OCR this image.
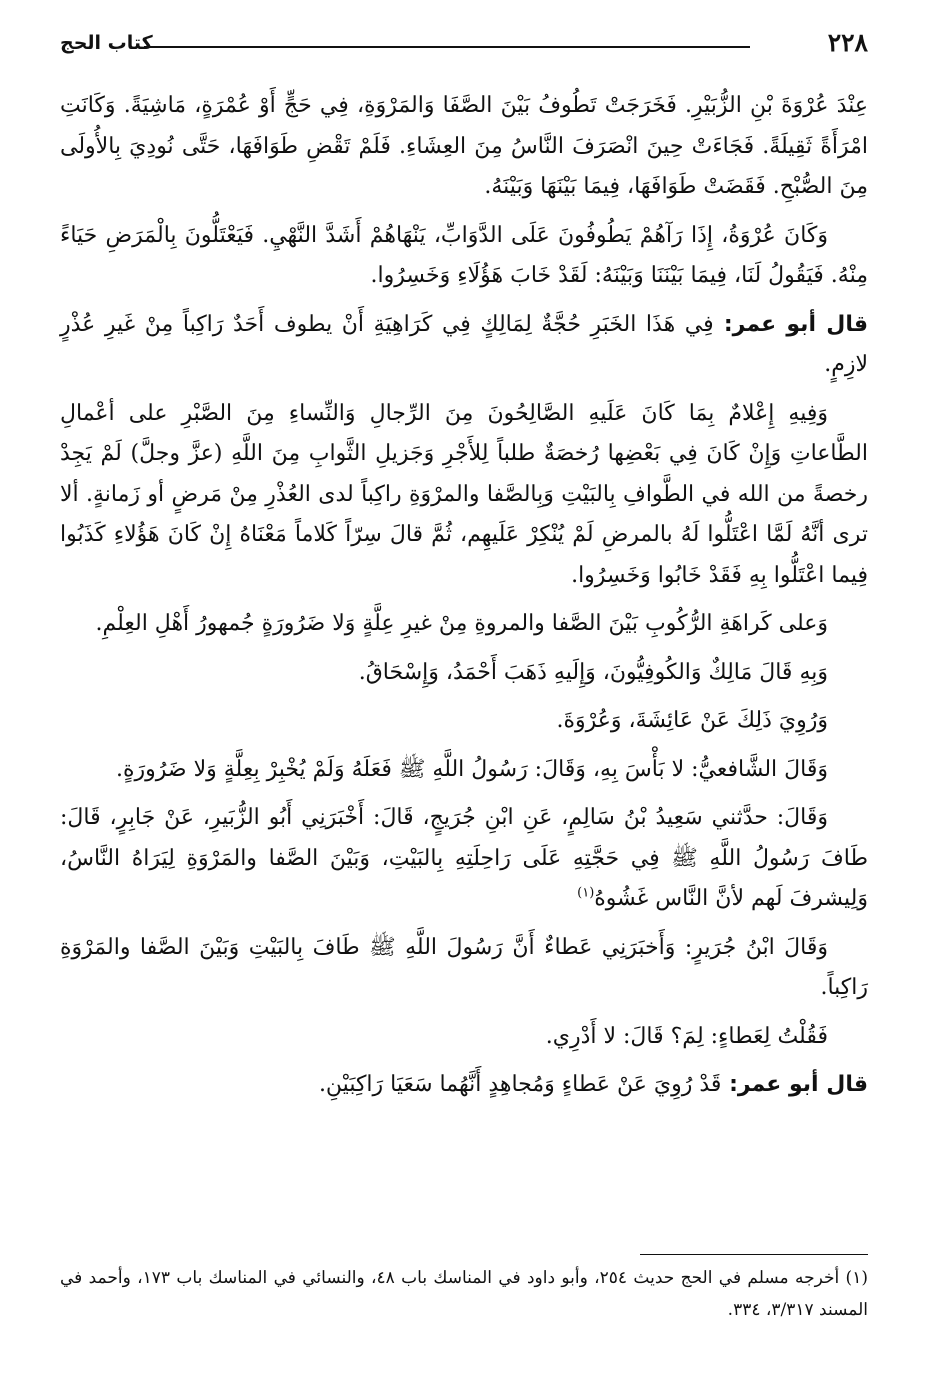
٢٢٨
كتاب الحج

عِنْدَ عُرْوَةَ بْنِ الزُّبَيْرِ. فَخَرَجَتْ تَطُوفُ بَيْنَ الصَّفَا وَالمَرْوَةِ، فِي حَجٍّ أَوْ عُمْرَةٍ، مَاشِيَةً. وَكَانَتِ امْرَأَةً ثَقِيلَةً. فَجَاءَتْ حِينَ انْصَرَفَ النَّاسُ مِنَ العِشَاءِ. فَلَمْ تَقْضِ طَوَافَهَا، حَتَّى نُودِيَ بِالأُولَى مِنَ الصُّبْحِ. فَقَضَتْ طَوَافَهَا، فِيمَا بَيْنَهَا وَبَيْنَهُ.

وَكَانَ عُرْوَةُ، إِذَا رَآهُمْ يَطُوفُونَ عَلَى الدَّوَابِّ، يَنْهَاهُمْ أَشَدَّ النَّهْيِ. فَيَعْتَلُّونَ بِالْمَرَضِ حَيَاءً مِنْهُ. فَيَقُولُ لَنَا، فِيمَا بَيْنَنَا وَبَيْنَهُ: لَقَدْ خَابَ هَؤُلَاءِ وَخَسِرُوا.

قال أبو عمر: فِي هَذَا الخَبَرِ حُجَّةٌ لِمَالِكٍ فِي كَرَاهِيَةِ أَنْ يطوف أَحَدٌ رَاكِباً مِنْ غَيرِ عُذْرٍ لازِمٍ.

وَفِيهِ إِعْلامٌ بِمَا كَانَ عَلَيهِ الصَّالِحُونَ مِنَ الرِّجالِ وَالنِّساءِ مِنَ الصَّبْرِ على أعْمالِ الطَّاعاتِ وَإِنْ كَانَ فِي بَعْضِها رُخصَةٌ طلباً لِلأَجْرِ وَجَزيلِ الثَّوابِ مِنَ اللَّهِ (عزَّ وجلَّ) لَمْ يَجِدْ رخصةً من الله في الطَّوافِ بِالبَيْتِ وَبِالصَّفا والمرْوَةِ راكِباً لدى العُذْرِ مِنْ مَرضٍ أو زَمانةٍ. ألا ترى أنَّهُ لَمَّا اعْتَلُّوا لَهُ بالمرضِ لَمْ يُنْكِرْ عَلَيهِم، ثُمَّ قالَ سِرّاً كَلاماً مَعْنَاهُ إِنْ كَانَ هَؤُلاءِ كَذَبُوا فِيما اعْتَلُّوا بِهِ فَقَدْ خَابُوا وَخَسِرُوا.

وَعلى كَراهَةِ الرُّكُوبِ بَيْنَ الصَّفا والمروةِ مِنْ غيرِ عِلَّةٍ وَلا ضَرُورَةٍ جُمهورُ أَهْلِ العِلْمِ.

وَبِهِ قَالَ مَالِكٌ وَالكُوفِيُّونَ، وَإِلَيهِ ذَهَبَ أَحْمَدُ، وَإِسْحَاقُ.

وَرُوِيَ ذَلِكَ عَنْ عَائِشَةَ، وَعُرْوَةَ.

وَقَالَ الشَّافعيُّ: لا بَأْسَ بِهِ، وَقَالَ: رَسُولُ اللَّهِ ﷺ فَعَلَهُ وَلَمْ يُخْبِرْ بِعِلَّةٍ وَلا ضَرُورَةٍ.

وَقَالَ: حدَّثني سَعِيدُ بْنُ سَالِمٍ، عَنِ ابْنِ جُرَيجٍ، قَالَ: أَخْبَرَنِي أَبُو الزُّبَيرِ، عَنْ جَابِرٍ، قَالَ: طَافَ رَسُولُ اللَّهِ ﷺ فِي حَجَّتِهِ عَلَى رَاحِلَتِهِ بِالبَيْتِ، وَبَيْنَ الصَّفا والمَرْوَةِ لِيَرَاهُ النَّاسُ، وَلِيشرفَ لَهم لأنَّ النَّاس غَشُوهُ$^{(١)}$

وَقَالَ ابْنُ جُرَيرٍ: وَأَخبَرَنِي عَطاءٌ أَنَّ رَسُولَ اللَّهِ ﷺ طَافَ بِالبَيْتِ وَبَيْنَ الصَّفا والمَرْوَةِ رَاكِباً.

فَقُلْتُ لِعَطاءٍ: لِمَ؟ قَالَ: لا أَدْرِي.

قال أبو عمر: قَدْ رُوِيَ عَنْ عَطاءٍ وَمُجاهِدٍ أَنَّهُما سَعَيَا رَاكِبَيْنِ.

(١) أخرجه مسلم في الحج حديث ٢٥٤، وأبو داود في المناسك باب ٤٨، والنسائي في المناسك باب ١٧٣، وأحمد في المسند ٣/٣١٧، ٣٣٤.
